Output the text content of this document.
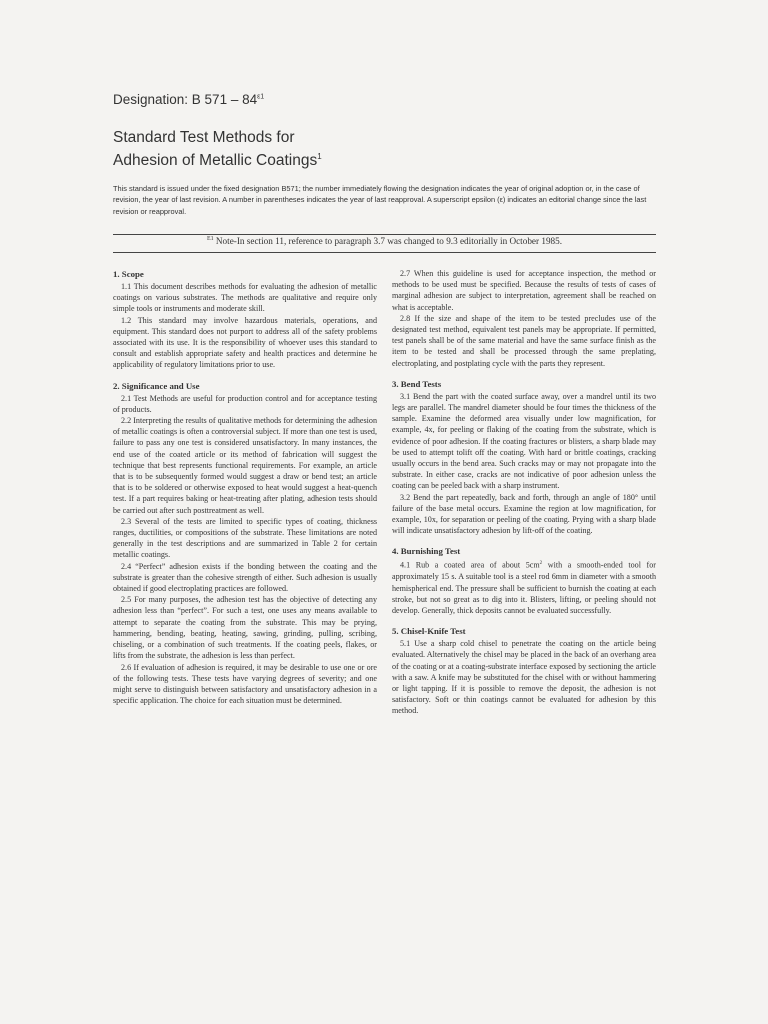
Designation: B $571 - 84^{\varepsilon 1}$
Standard Test Methods for
Adhesion of Metallic Coatings$^1$
This standard is issued under the fixed designation B571; the number immediately flowing the designation indicates the year of original adoption or, in the case of revision, the year of last revision. A number in parentheses indicates the year of last reapproval. A superscript epsilon (ε) indicates an editorial change since the last revision or reapproval.
$^{E1}$ Note-In section 11, reference to paragraph 3.7 was changed to 9.3 editorially in October 1985.
1. Scope

1.1 This document describes methods for evaluating the adhesion of metallic coatings on various substrates. The methods are qualitative and require only simple tools or instruments and moderate skill.

1.2 This standard may involve hazardous materials, operations, and equipment. This standard does not purport to address all of the safety problems associated with its use. It is the responsibility of whoever uses this standard to consult and establish appropriate safety and health practices and determine he applicability of regulatory limitations prior to use.

2. Significance and Use

2.1 Test Methods are useful for production control and for acceptance testing of products.

2.2 Interpreting the results of qualitative methods for determining the adhesion of metallic coatings is often a controversial subject. If more than one test is used, failure to pass any one test is considered unsatisfactory. In many instances, the end use of the coated article or its method of fabrication will suggest the technique that best represents functional requirements. For example, an article that is to be subsequently formed would suggest a draw or bend test; an article that is to be soldered or otherwise exposed to heat would suggest a heat-quench test. If a part requires baking or heat-treating after plating, adhesion tests should be carried out after such posttreatment as well.

2.3 Several of the tests are limited to specific types of coating, thickness ranges, ductilities, or compositions of the substrate. These limitations are noted generally in the test descriptions and are summarized in Table 2 for certain metallic coatings.

2.4 “Perfect” adhesion exists if the bonding between the coating and the substrate is greater than the cohesive strength of either. Such adhesion is usually obtained if good electroplating practices are followed.

2.5 For many purposes, the adhesion test has the objective of detecting any adhesion less than “perfect”. For such a test, one uses any means available to attempt to separate the coating from the substrate. This may be prying, hammering, bending, beating, heating, sawing, grinding, pulling, scribing, chiseling, or a combination of such treatments. If the coating peels, flakes, or lifts from the substrate, the adhesion is less than perfect.

2.6 If evaluation of adhesion is required, it may be desirable to use one or ore of the following tests. These tests have varying degrees of severity; and one might serve to distinguish between satisfactory and unsatisfactory adhesion in a specific application. The choice for each situation must be determined.

2.7 When this guideline is used for acceptance inspection, the method or methods to be used must be specified. Because the results of tests of cases of marginal adhesion are subject to interpretation, agreement shall be reached on what is acceptable.

2.8 If the size and shape of the item to be tested precludes use of the designated test method, equivalent test panels may be appropriate. If permitted, test panels shall be of the same material and have the same surface finish as the item to be tested and shall be processed through the same preplating, electroplating, and postplating cycle with the parts they represent.

3. Bend Tests

3.1 Bend the part with the coated surface away, over a mandrel until its two legs are parallel. The mandrel diameter should be four times the thickness of the sample. Examine the deformed area visually under low magnification, for example, 4x, for peeling or flaking of the coating from the substrate, which is evidence of poor adhesion. If the coating fractures or blisters, a sharp blade may be used to attempt tolift off the coating. With hard or brittle coatings, cracking usually occurs in the bend area. Such cracks may or may not propagate into the substrate. In either case, cracks are not indicative of poor adhesion unless the coating can be peeled back with a sharp instrument.

3.2 Bend the part repeatedly, back and forth, through an angle of 180° until failure of the base metal occurs. Examine the region at low magnification, for example, 10x, for separation or peeling of the coating. Prying with a sharp blade will indicate unsatisfactory adhesion by lift-off of the coating.

4. Burnishing Test

4.1 Rub a coated area of about $5cm^2$ with a smooth-ended tool for approximately 15 s. A suitable tool is a steel rod 6mm in diameter with a smooth hemispherical end. The pressure shall be sufficient to burnish the coating at each stroke, but not so great as to dig into it. Blisters, lifting, or peeling should not develop. Generally, thick deposits cannot be evaluated successfully.

5. Chisel-Knife Test

5.1 Use a sharp cold chisel to penetrate the coating on the article being evaluated. Alternatively the chisel may be placed in the back of an overhang area of the coating or at a coating-substrate interface exposed by sectioning the article with a saw. A knife may be substituted for the chisel with or without hammering or light tapping. If it is possible to remove the deposit, the adhesion is not satisfactory. Soft or thin coatings cannot be evaluated for adhesion by this method.
